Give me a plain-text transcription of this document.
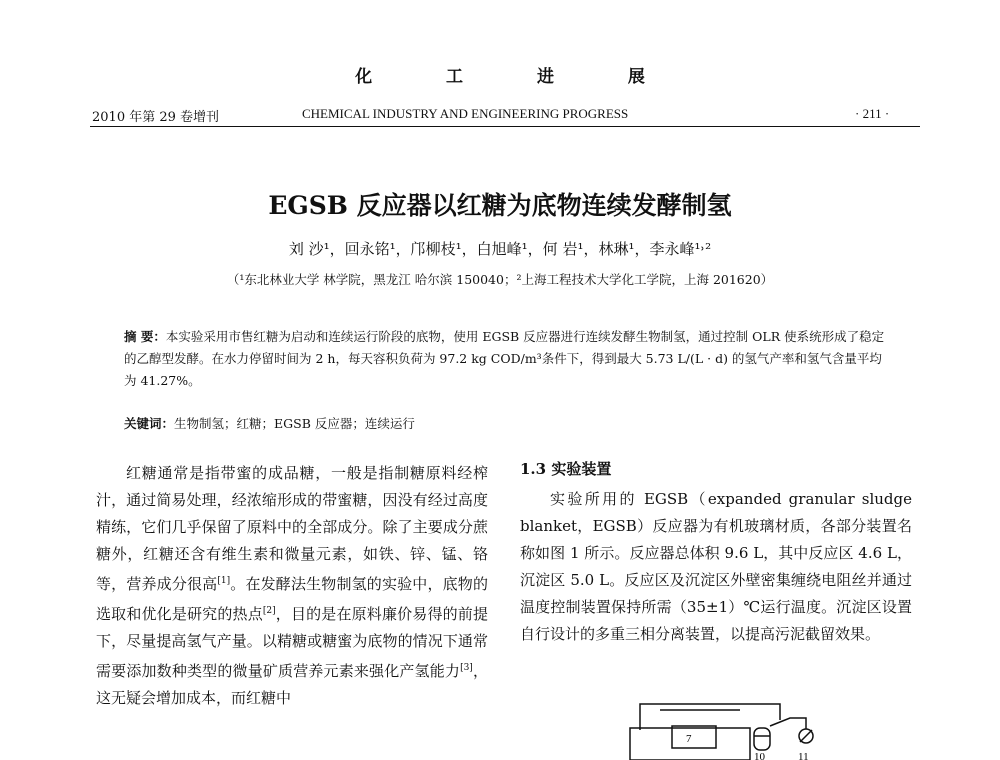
化 工 进 展
2010 年第 29 卷增刊	CHEMICAL INDUSTRY AND ENGINEERING PROGRESS	· 211 ·
EGSB 反应器以红糖为底物连续发酵制氢
刘 沙¹，回永铭¹，邝柳枝¹，白旭峰¹，何 岩¹，林琳¹，李永峰¹˒²
（¹东北林业大学 林学院，黑龙江 哈尔滨 150040；²上海工程技术大学化工学院，上海 201620）
摘 要：本实验采用市售红糖为启动和连续运行阶段的底物，使用 EGSB 反应器进行连续发酵生物制氢，通过控制 OLR 使系统形成了稳定的乙醇型发酵。在水力停留时间为 2 h，每天容积负荷为 97.2 kg COD/m³条件下，得到最大 5.73 L/(L · d) 的氢气产率和氢气含量平均为 41.27%。
关键词：生物制氢；红糖；EGSB 反应器；连续运行

红糖通常是指带蜜的成品糖，一般是指制糖原料经榨汁，通过简易处理，经浓缩形成的带蜜糖，因没有经过高度精练，它们几乎保留了原料中的全部成分。除了主要成分蔗糖外，红糖还含有维生素和微量元素，如铁、锌、锰、铬等，营养成分很高[1]。在发酵法生物制氢的实验中，底物的选取和优化是研究的热点[2]，目的是在原料廉价易得的前提下，尽量提高氢气产量。以精糖或糖蜜为底物的情况下通常需要添加数种类型的微量矿质营养元素来强化产氢能力[3]，这无疑会增加成本，而红糖中

1.3 实验装置

实验所用的 EGSB（expanded granular sludge blanket，EGSB）反应器为有机玻璃材质，各部分装置名称如图 1 所示。反应器总体积 9.6 L，其中反应区 4.6 L，沉淀区 5.0 L。反应区及沉淀区外壁密集缠绕电阻丝并通过温度控制装置保持所需（35±1）℃运行温度。沉淀区设置自行设计的多重三相分离装置，以提高污泥截留效果。

7
10	11
